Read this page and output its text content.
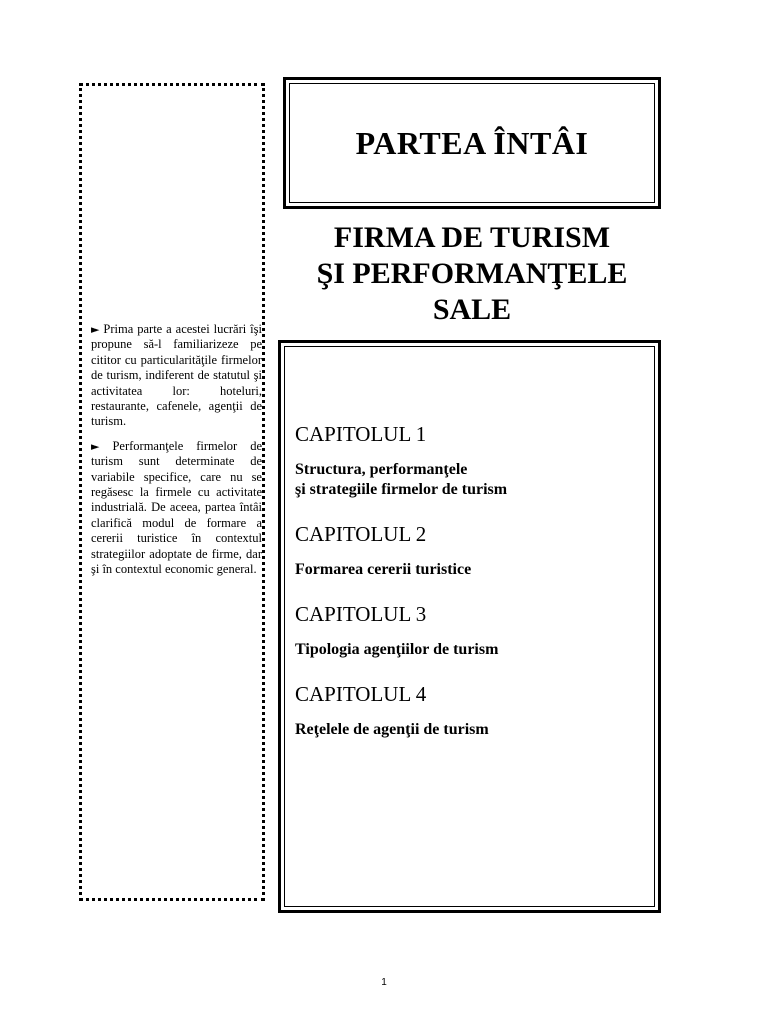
► Prima parte a acestei lucrări îşi propune să-l familiarizeze pe cititor cu particularităţile firmelor de turism, indiferent de statutul şi activitatea lor: hoteluri, restaurante, cafenele, agenţii de turism.

► Performanţele firmelor de turism sunt determinate de variabile specifice, care nu se regăsesc la firmele cu activitate industrială. De aceea, partea întâi clarifică modul de formare a cererii turistice în contextul strategiilor adoptate de firme, dar şi în contextul economic general.

PARTEA ÎNTÂI
FIRMA DE TURISM
ŞI PERFORMANŢELE
SALE
CAPITOLUL 1
Structura, performanţele
şi strategiile firmelor de turism
CAPITOLUL 2
Formarea cererii turistice
CAPITOLUL 3
Tipologia agenţiilor de turism
CAPITOLUL 4
Reţelele de agenţii de turism
1
